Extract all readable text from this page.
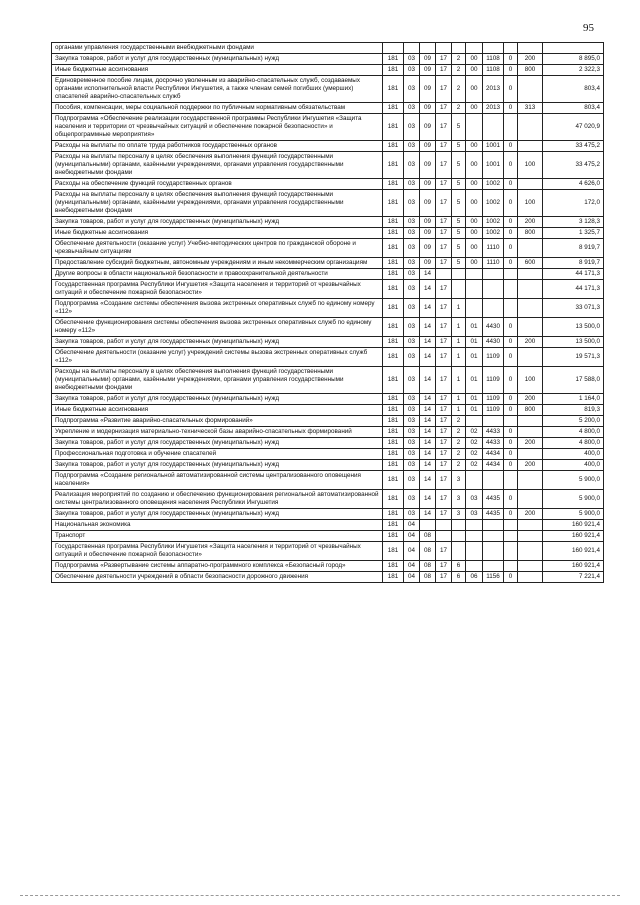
95
органами управления государственными внебюджетными фондами										
Закупка товаров, работ и услуг для государственных (муниципальных) нужд	181	03	09	17	2	00	1108	0	200	8 895,0
Иные бюджетные ассигнования	181	03	09	17	2	00	1108	0	800	2 322,3
Единовременное пособие лицам, досрочно уволенным из аварийно-спасательных служб, создаваемых органами исполнительной власти Республики Ингушетия, а также членам семей погибших (умерших) спасателей аварийно-спасательных служб	181	03	09	17	2	00	2013	0		803,4
Пособия, компенсации, меры социальной поддержки по публичным нормативным обязательствам	181	03	09	17	2	00	2013	0	313	803,4
Подпрограмма «Обеспечение реализации государственной программы Республики Ингушетия «Защита населения и территории от чрезвычайных ситуаций и обеспечение пожарной безопасности» и общепрограммные мероприятия»	181	03	09	17	5					47 020,9
Расходы на выплаты по оплате труда работников государственных органов	181	03	09	17	5	00	1001	0		33 475,2
Расходы на выплаты персоналу в целях обеспечения выполнения функций государственными (муниципальными) органами, казёнными учреждениями, органами управления государственными внебюджетными фондами	181	03	09	17	5	00	1001	0	100	33 475,2
Расходы на обеспечение функций государственных органов	181	03	09	17	5	00	1002	0		4 626,0
Расходы на выплаты персоналу в целях обеспечения выполнения функций государственными (муниципальными) органами, казёнными учреждениями, органами управления государственными внебюджетными фондами	181	03	09	17	5	00	1002	0	100	172,0
Закупка товаров, работ и услуг для государственных (муниципальных) нужд	181	03	09	17	5	00	1002	0	200	3 128,3
Иные бюджетные ассигнования	181	03	09	17	5	00	1002	0	800	1 325,7
Обеспечение деятельности (оказание услуг) Учебно-методических центров по гражданской обороне и чрезвычайным ситуациям	181	03	09	17	5	00	1110	0		8 919,7
Предоставление субсидий бюджетным, автономным учреждениям и иным некоммерческим организациям	181	03	09	17	5	00	1110	0	600	8 919,7
Другие вопросы в области национальной безопасности и правоохранительной деятельности	181	03	14							44 171,3
Государственная программа Республики Ингушетия «Защита населения и территорий от чрезвычайных ситуаций и обеспечение пожарной безопасности»	181	03	14	17						44 171,3
Подпрограмма «Создание системы обеспечения вызова экстренных оперативных служб по единому номеру «112»	181	03	14	17	1					33 071,3
Обеспечение функционирования системы обеспечения вызова экстренных оперативных служб по единому номеру «112»	181	03	14	17	1	01	4430	0		13 500,0
Закупка товаров, работ и услуг для государственных (муниципальных) нужд	181	03	14	17	1	01	4430	0	200	13 500,0
Обеспечение деятельности (оказание услуг) учреждений системы вызова экстренных оперативных служб «112»	181	03	14	17	1	01	1109	0		19 571,3
Расходы на выплаты персоналу в целях обеспечения выполнения функций государственными (муниципальными) органами, казёнными учреждениями, органами управления государственными внебюджетными фондами	181	03	14	17	1	01	1109	0	100	17 588,0
Закупка товаров, работ и услуг для государственных (муниципальных) нужд	181	03	14	17	1	01	1109	0	200	1 164,0
Иные бюджетные ассигнования	181	03	14	17	1	01	1109	0	800	819,3
Подпрограмма «Развитие аварийно-спасательных формирований»	181	03	14	17	2					5 200,0
Укрепление и модернизация материально-технической базы аварийно-спасательных формирований	181	03	14	17	2	02	4433	0		4 800,0
Закупка товаров, работ и услуг для государственных (муниципальных) нужд	181	03	14	17	2	02	4433	0	200	4 800,0
Профессиональная подготовка и обучение спасателей	181	03	14	17	2	02	4434	0		400,0
Закупка товаров, работ и услуг для государственных (муниципальных) нужд	181	03	14	17	2	02	4434	0	200	400,0
Подпрограмма «Создание региональной автоматизированной системы централизованного оповещения населения»	181	03	14	17	3					5 900,0
Реализация мероприятий по созданию и обеспечению функционирования региональной автоматизированной системы централизованного оповещения населения Республики Ингушетия	181	03	14	17	3	03	4435	0		5 900,0
Закупка товаров, работ и услуг для государственных (муниципальных) нужд	181	03	14	17	3	03	4435	0	200	5 900,0
Национальная экономика	181	04								160 921,4
Транспорт	181	04	08							160 921,4
Государственная программа Республики Ингушетия «Защита населения и территорий от чрезвычайных ситуаций и обеспечение пожарной безопасности»	181	04	08	17						160 921,4
Подпрограмма «Развертывание системы аппаратно-программного комплекса «Безопасный город»	181	04	08	17	6					160 921,4
Обеспечение деятельности учреждений в области безопасности дорожного движения	181	04	08	17	6	06	1156	0		7 221,4
